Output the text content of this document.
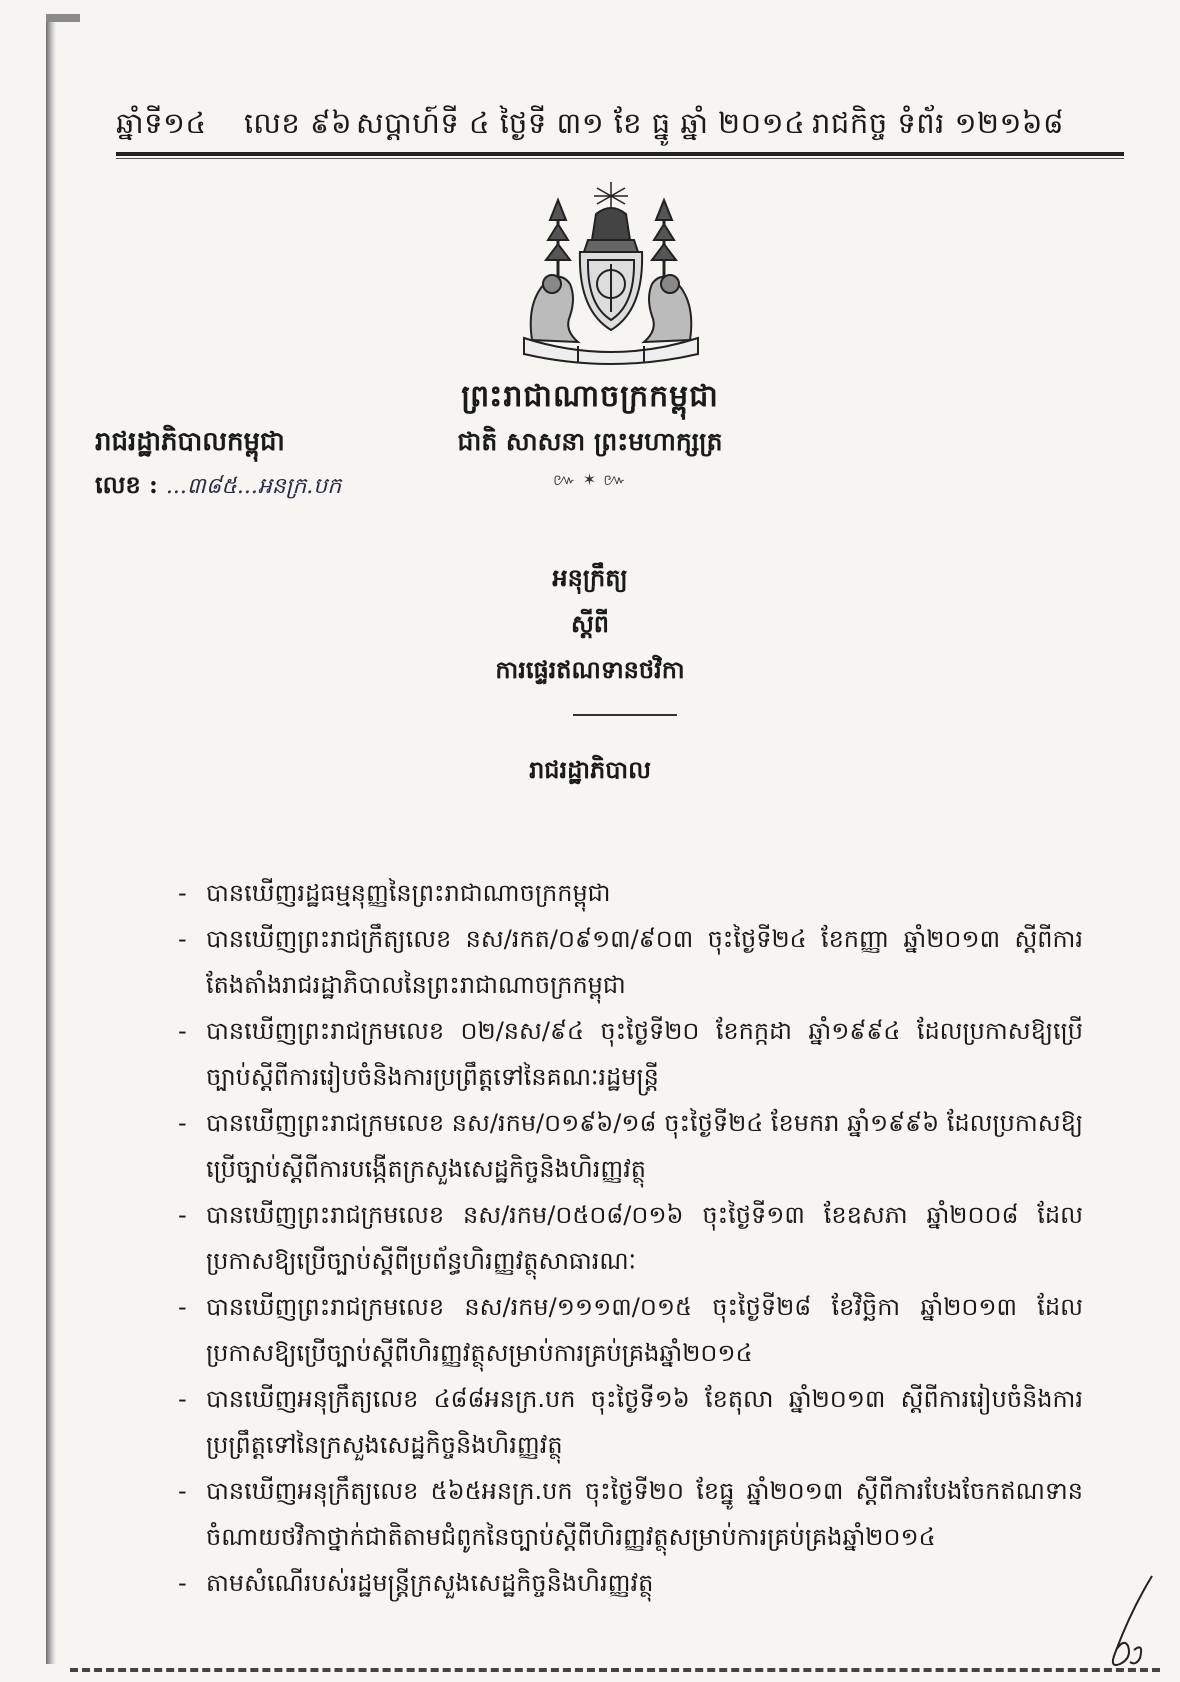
ឆ្នាំទី១៤ លេខ ៩៦ សប្ដាហ៍ទី ៤ ថ្ងៃទី ៣១ ខែ ធ្នូ ឆ្នាំ ២០១៤ រាជកិច្ច ទំព័រ ១២១៦៨
ព្រះរាជាណាចក្រកម្ពុជា
ជាតិ សាសនា ព្រះមហាក្សត្រ
៚ ✶ ៚
រាជរដ្ឋាភិបាលកម្ពុជា
លេខ : ...៣៨៥...អនក្រ.បក
អនុក្រឹត្យ
ស្ដីពី
ការផ្ទេរឥណទានថវិកា
រាជរដ្ឋាភិបាល
- បានឃើញរដ្ឋធម្មនុញ្ញនៃព្រះរាជាណាចក្រកម្ពុជា
- បានឃើញព្រះរាជក្រឹត្យលេខ នស/រកត/០៩១៣/៩០៣ ចុះថ្ងៃទី២៤ ខែកញ្ញា ឆ្នាំ២០១៣ ស្ដីពីការតែងតាំងរាជរដ្ឋាភិបាលនៃព្រះរាជាណាចក្រកម្ពុជា
- បានឃើញព្រះរាជក្រមលេខ ០២/នស/៩៤ ចុះថ្ងៃទី២០ ខែកក្កដា ឆ្នាំ១៩៩៤ ដែលប្រកាសឱ្យប្រើច្បាប់ស្ដីពីការរៀបចំនិងការប្រព្រឹត្តទៅនៃគណៈរដ្ឋមន្ត្រី
- បានឃើញព្រះរាជក្រមលេខ នស/រកម/០១៩៦/១៨ ចុះថ្ងៃទី២៤ ខែមករា ឆ្នាំ១៩៩៦ ដែលប្រកាសឱ្យប្រើច្បាប់ស្ដីពីការបង្កើតក្រសួងសេដ្ឋកិច្ចនិងហិរញ្ញវត្ថុ
- បានឃើញព្រះរាជក្រមលេខ នស/រកម/០៥០៨/០១៦ ចុះថ្ងៃទី១៣ ខែឧសភា ឆ្នាំ២០០៨ ដែលប្រកាសឱ្យប្រើច្បាប់ស្ដីពីប្រព័ន្ធហិរញ្ញវត្ថុសាធារណៈ
- បានឃើញព្រះរាជក្រមលេខ នស/រកម/១១១៣/០១៥ ចុះថ្ងៃទី២៨ ខែវិច្ឆិកា ឆ្នាំ២០១៣ ដែលប្រកាសឱ្យប្រើច្បាប់ស្ដីពីហិរញ្ញវត្ថុសម្រាប់ការគ្រប់គ្រងឆ្នាំ២០១៤
- បានឃើញអនុក្រឹត្យលេខ ៤៨៨អនក្រ.បក ចុះថ្ងៃទី១៦ ខែតុលា ឆ្នាំ២០១៣ ស្ដីពីការរៀបចំនិងការប្រព្រឹត្តទៅនៃក្រសួងសេដ្ឋកិច្ចនិងហិរញ្ញវត្ថុ
- បានឃើញអនុក្រឹត្យលេខ ៥៦៥អនក្រ.បក ចុះថ្ងៃទី២០ ខែធ្នូ ឆ្នាំ២០១៣ ស្ដីពីការបែងចែកឥណទានចំណាយថវិកាថ្នាក់ជាតិតាមជំពូកនៃច្បាប់ស្ដីពីហិរញ្ញវត្ថុសម្រាប់ការគ្រប់គ្រងឆ្នាំ២០១៤
- តាមសំណើរបស់រដ្ឋមន្ត្រីក្រសួងសេដ្ឋកិច្ចនិងហិរញ្ញវត្ថុ
